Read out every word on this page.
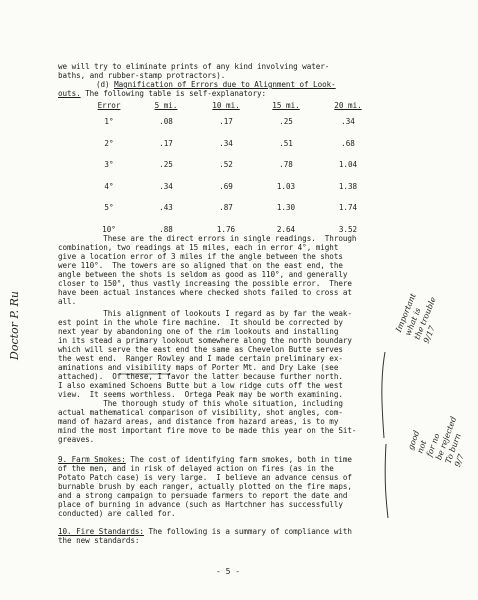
we will try to eliminate prints of any kind involving water-
baths, and rubber-stamp protractors).
(d) Magnification of Errors due to Alignment of Look-
outs. The following table is self-explanatory:
Error	5 mi.	10 mi.	15 mi.	20 mi.
1°	.08	.17	.25	.34
2°	.17	.34	.51	.68
3°	.25	.52	.78	1.04
4°	.34	.69	1.03	1.38
5°	.43	.87	1.30	1.74
10°	.88	1.76	2.64	3.52
These are the direct errors in single readings.  Through
combination, two readings at 15 miles, each in error 4°, might
give a location error of 3 miles if the angle between the shots
were 110°.  The towers are so aligned that on the east end, the
angle between the shots is seldom as good as 110°, and generally
closer to 150°, thus vastly increasing the possible error.  There
have been actual instances where checked shots failed to cross at
all.
This alignment of lookouts I regard as by far the weak-
est point in the whole fire machine.  It should be corrected by
next year by abandoning one of the rim lookouts and installing
in its stead a primary lookout somewhere along the north boundary
which will serve the east end the same as Chevelon Butte serves
the west end.  Ranger Rowley and I made certain preliminary ex-
aminations and visibility maps of Porter Mt. and Dry Lake (see
attached).  Of these, I favor the latter because further north.
I also examined Schoens Butte but a low ridge cuts off the west
view.  It seems worthless.  Ortega Peak may be worth examining.
The thorough study of this whole situation, including
actual mathematical comparison of visibility, shot angles, com-
mand of hazard areas, and distance from hazard areas, is to my
mind the most important fire move to be made this year on the Sit-
greaves.
9. Farm Smokes: The cost of identifying farm smokes, both in time
of the men, and in risk of delayed action on fires (as in the
Potato Patch case) is very large.  I believe an advance census of
burnable brush by each ranger, actually plotted on the fire maps,
and a strong campaign to persuade farmers to report the date and
place of burning in advance (such as Hartchner has successfully
conducted) are called for.
10. Fire Standards: The following is a summary of compliance with
the new standards:
- 5 -
Doctor P. Ru	Important
what is
the trouble
9/17
good
not
for no
be rejected
To burn
9/7
